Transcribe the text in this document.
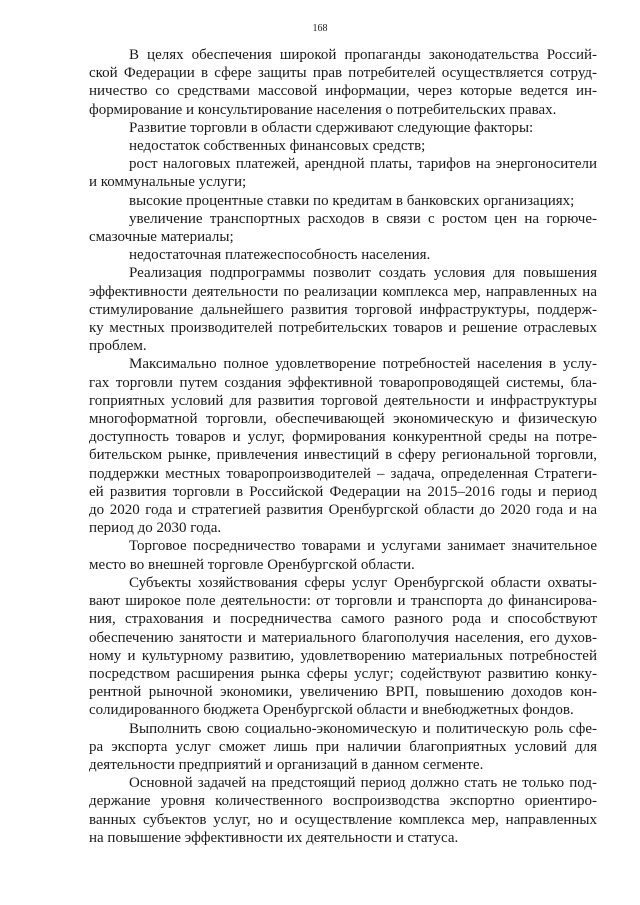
168

В целях обеспечения широкой пропаганды законодательства Россий-
ской Федерации в сфере защиты прав потребителей осуществляется сотруд-
ничество со средствами массовой информации, через которые ведется ин-
формирование и консультирование населения о потребительских правах.

Развитие торговли в области сдерживают следующие факторы:

недостаток собственных финансовых средств;

рост налоговых платежей, арендной платы, тарифов на энергоносители
и коммунальные услуги;

высокие процентные ставки по кредитам в банковских организациях;

увеличение транспортных расходов в связи с ростом цен на горюче-
смазочные материалы;

недостаточная платежеспособность населения.

Реализация подпрограммы позволит создать условия для повышения
эффективности деятельности по реализации комплекса мер, направленных на
стимулирование дальнейшего развития торговой инфраструктуры, поддерж-
ку местных производителей потребительских товаров и решение отраслевых
проблем.

Максимально полное удовлетворение потребностей населения в услу-
гах торговли путем создания эффективной товаропроводящей системы, бла-
гоприятных условий для развития торговой деятельности и инфраструктуры
многоформатной торговли, обеспечивающей экономическую и физическую
доступность товаров и услуг, формирования конкурентной среды на потре-
бительском рынке, привлечения инвестиций в сферу региональной торговли,
поддержки местных товаропроизводителей – задача, определенная Стратеги-
ей развития торговли в Российской Федерации на 2015–2016 годы и период
до 2020 года и стратегией развития Оренбургской области до 2020 года и на
период до 2030 года.

Торговое посредничество товарами и услугами занимает значительное
место во внешней торговле Оренбургской области.

Субъекты хозяйствования сферы услуг Оренбургской области охваты-
вают широкое поле деятельности: от торговли и транспорта до финансирова-
ния, страхования и посредничества самого разного рода и способствуют
обеспечению занятости и материального благополучия населения, его духов-
ному и культурному развитию, удовлетворению материальных потребностей
посредством расширения рынка сферы услуг; содействуют развитию конку-
рентной рыночной экономики, увеличению ВРП, повышению доходов кон-
солидированного бюджета Оренбургской области и внебюджетных фондов.

Выполнить свою социально-экономическую и политическую роль сфе-
ра экспорта услуг сможет лишь при наличии благоприятных условий для
деятельности предприятий и организаций в данном сегменте.

Основной задачей на предстоящий период должно стать не только под-
держание уровня количественного воспроизводства экспортно ориентиро-
ванных субъектов услуг, но и осуществление комплекса мер, направленных
на повышение эффективности их деятельности и статуса.
